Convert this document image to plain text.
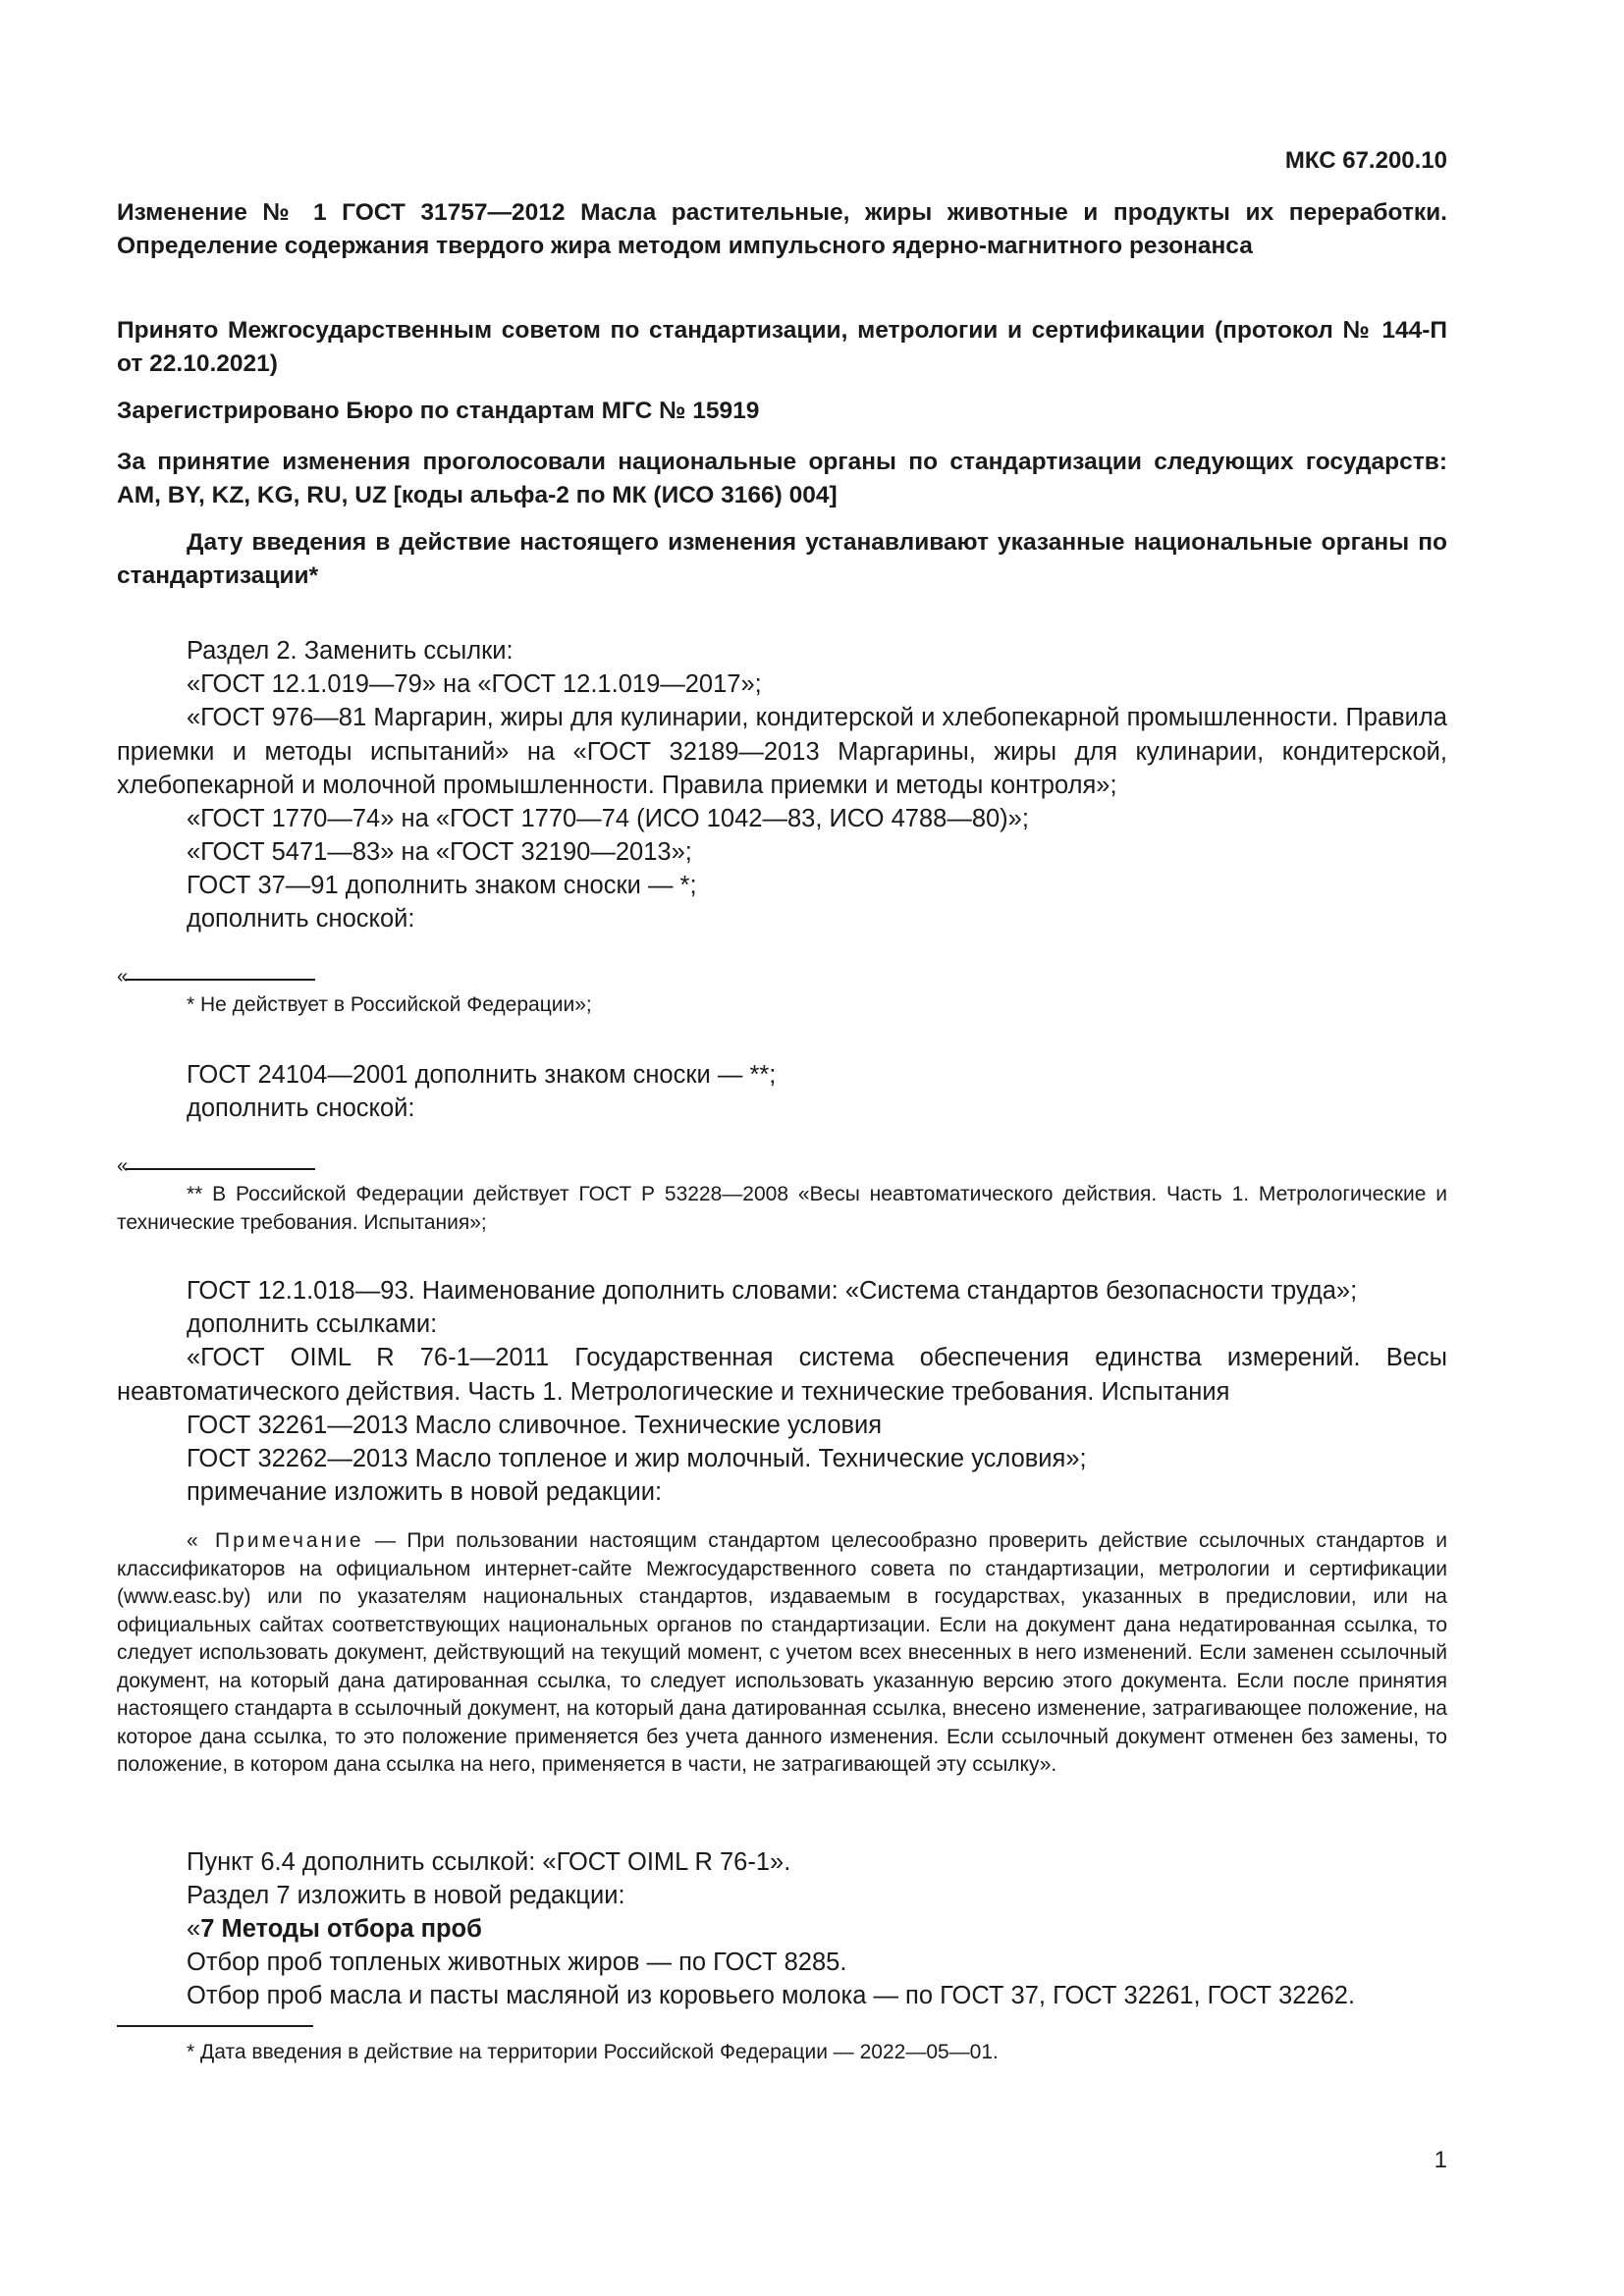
МКС 67.200.10
Изменение № 1 ГОСТ 31757—2012 Масла растительные, жиры животные и продукты их переработки. Определение содержания твердого жира методом импульсного ядерно-магнитного резонанса
Принято Межгосударственным советом по стандартизации, метрологии и сертификации (протокол № 144-П от 22.10.2021)
Зарегистрировано Бюро по стандартам МГС № 15919
За принятие изменения проголосовали национальные органы по стандартизации следующих государств: AM, BY, KZ, KG, RU, UZ [коды альфа-2 по МК (ИСО 3166) 004]
Дату введения в действие настоящего изменения устанавливают указанные национальные органы по стандартизации*
Раздел 2. Заменить ссылки:
«ГОСТ 12.1.019—79» на «ГОСТ 12.1.019—2017»;
«ГОСТ 976—81 Маргарин, жиры для кулинарии, кондитерской и хлебопекарной промышленности. Правила приемки и методы испытаний» на «ГОСТ 32189—2013 Маргарины, жиры для кулинарии, кондитерской, хлебопекарной и молочной промышленности. Правила приемки и методы контроля»;
«ГОСТ 1770—74» на «ГОСТ 1770—74 (ИСО 1042—83, ИСО 4788—80)»;
«ГОСТ 5471—83» на «ГОСТ 32190—2013»;
ГОСТ 37—91 дополнить знаком сноски — *;
дополнить сноской:
«
* Не действует в Российской Федерации»;
ГОСТ 24104—2001 дополнить знаком сноски — **;
дополнить сноской:
«
** В Российской Федерации действует ГОСТ Р 53228—2008 «Весы неавтоматического действия. Часть 1. Метрологические и технические требования. Испытания»;
ГОСТ 12.1.018—93. Наименование дополнить словами: «Система стандартов безопасности труда»;
дополнить ссылками:
«ГОСТ OIML R 76-1—2011 Государственная система обеспечения единства измерений. Весы неавтоматического действия. Часть 1. Метрологические и технические требования. Испытания
ГОСТ 32261—2013 Масло сливочное. Технические условия
ГОСТ 32262—2013 Масло топленое и жир молочный. Технические условия»;
примечание изложить в новой редакции:
« Примечание — При пользовании настоящим стандартом целесообразно проверить действие ссылочных стандартов и классификаторов на официальном интернет-сайте Межгосударственного совета по стандартизации, метрологии и сертификации (www.easc.by) или по указателям национальных стандартов, издаваемым в государствах, указанных в предисловии, или на официальных сайтах соответствующих национальных органов по стандартизации. Если на документ дана недатированная ссылка, то следует использовать документ, действующий на текущий момент, с учетом всех внесенных в него изменений. Если заменен ссылочный документ, на который дана датированная ссылка, то следует использовать указанную версию этого документа. Если после принятия настоящего стандарта в ссылочный документ, на который дана датированная ссылка, внесено изменение, затрагивающее положение, на которое дана ссылка, то это положение применяется без учета данного изменения. Если ссылочный документ отменен без замены, то положение, в котором дана ссылка на него, применяется в части, не затрагивающей эту ссылку».
Пункт 6.4 дополнить ссылкой: «ГОСТ OIML R 76-1».
Раздел 7 изложить в новой редакции:
«7 Методы отбора проб
Отбор проб топленых животных жиров — по ГОСТ 8285.
Отбор проб масла и пасты масляной из коровьего молока — по ГОСТ 37, ГОСТ 32261, ГОСТ 32262.
* Дата введения в действие на территории Российской Федерации — 2022—05—01.
1
